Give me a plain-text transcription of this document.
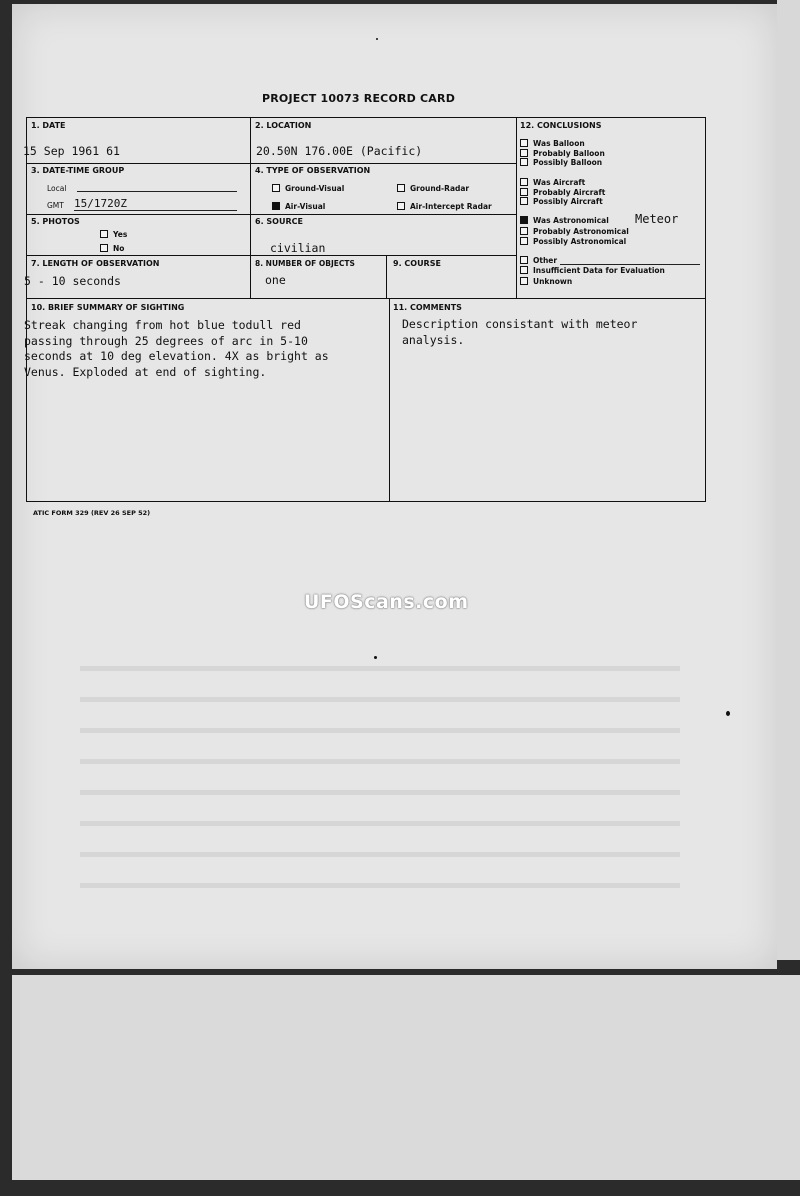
PROJECT 10073 RECORD CARD
1. DATE
15 Sep 1961 61
2. LOCATION
20.50N 176.00E (Pacific)
3. DATE-TIME GROUP
Local
GMT 15/1720Z
4. TYPE OF OBSERVATION
Ground-Visual	Ground-Radar
Air-Visual	Air-Intercept Radar
5. PHOTOS
Yes
No
6. SOURCE
civilian
7. LENGTH OF OBSERVATION
5 - 10 seconds
8. NUMBER OF OBJECTS
one
9. COURSE
12. CONCLUSIONS
Was Balloon
Probably Balloon
Possibly Balloon
Was Aircraft
Probably Aircraft
Possibly Aircraft
Was Astronomical Meteor
Probably Astronomical
Possibly Astronomical
Other
Insufficient Data for Evaluation
Unknown
10. BRIEF SUMMARY OF SIGHTING
Streak changing from hot blue todull red
passing through 25 degrees of arc in 5-10
seconds at 10 deg elevation. 4X as bright as
Venus. Exploded at end of sighting.
11. COMMENTS
Description consistant with meteor
analysis.
ATIC FORM 329 (REV 26 SEP 52)
UFOScans.com
